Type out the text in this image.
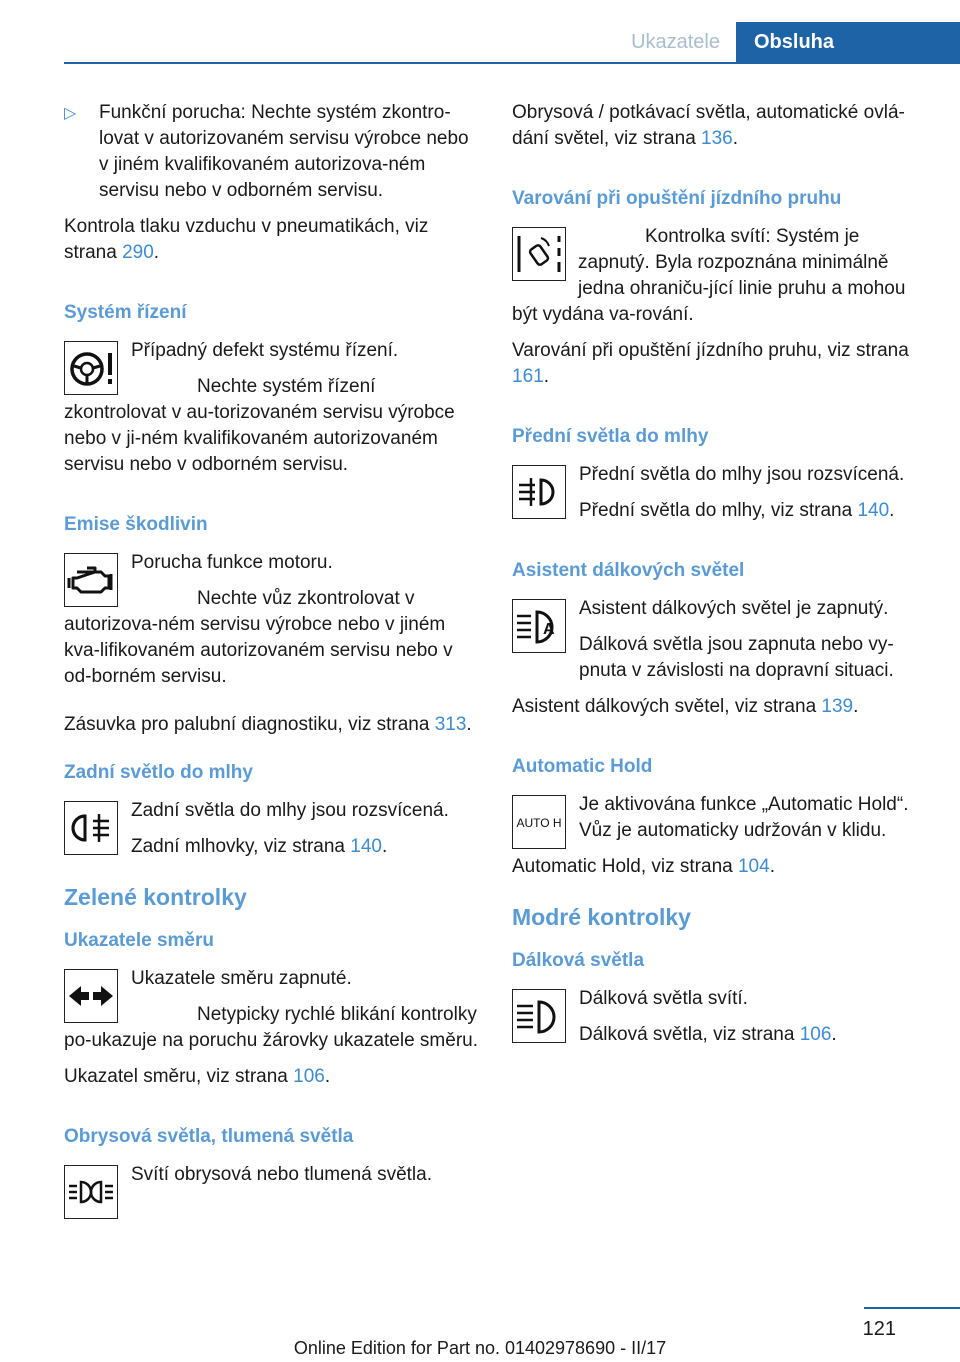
Ukazatele	Obsluha

▷ Funkční porucha: Nechte systém zkontro-lovat v autorizovaném servisu výrobce nebo v jiném kvalifikovaném autorizova-ném servisu nebo v odborném servisu.

Kontrola tlaku vzduchu v pneumatikách, viz strana 290.

Systém řízení

Případný defekt systému řízení.

Nechte systém řízení zkontrolovat v au-torizovaném servisu výrobce nebo v ji-ném kvalifikovaném autorizovaném servisu nebo v odborném servisu.

Emise škodlivin

Porucha funkce motoru.

Nechte vůz zkontrolovat v autorizova-ném servisu výrobce nebo v jiném kva-lifikovaném autorizovaném servisu nebo v od-borném servisu.

Zásuvka pro palubní diagnostiku, viz strana 313.

Zadní světlo do mlhy

Zadní světla do mlhy jsou rozsvícená.

Zadní mlhovky, viz strana 140.

Zelené kontrolky
Ukazatele směru

Ukazatele směru zapnuté.

Netypicky rychlé blikání kontrolky po-ukazuje na poruchu žárovky ukazatele směru.

Ukazatel směru, viz strana 106.

Obrysová světla, tlumená světla

Svítí obrysová nebo tlumená světla.

Obrysová / potkávací světla, automatické ovlá-dání světel, viz strana 136.

Varování při opuštění jízdního pruhu

Kontrolka svítí: Systém je zapnutý. Byla rozpoznána minimálně jedna ohraniču-jící linie pruhu a mohou být vydána va-rování.

Varování při opuštění jízdního pruhu, viz strana 161.

Přední světla do mlhy

Přední světla do mlhy jsou rozsvícená.

Přední světla do mlhy, viz strana 140.

Asistent dálkových světel
A

Asistent dálkových světel je zapnutý.

Dálková světla jsou zapnuta nebo vy-pnuta v závislosti na dopravní situaci.

Asistent dálkových světel, viz strana 139.

Automatic Hold
AUTO H

Je aktivována funkce „Automatic Hold“. Vůz je automaticky udržován v klidu.

Automatic Hold, viz strana 104.

Modré kontrolky
Dálková světla

Dálková světla svítí.

Dálková světla, viz strana 106.

121
Online Edition for Part no. 01402978690 - II/17
